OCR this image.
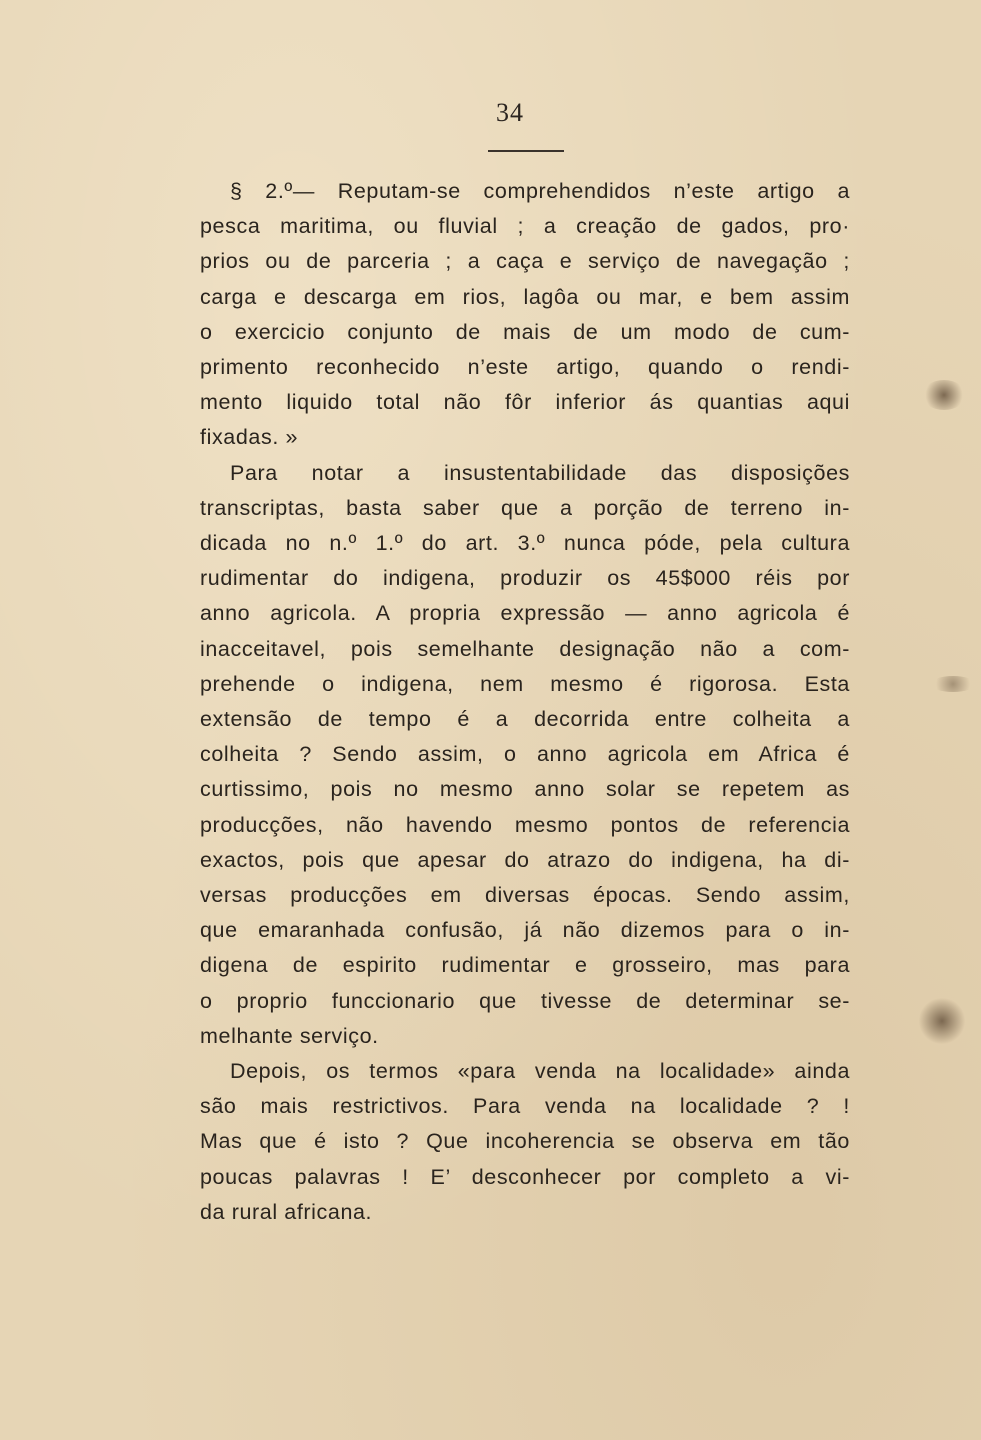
34
§ 2.º— Reputam-se comprehendidos n’este artigo a
pesca maritima, ou fluvial ; a creação de gados, pro·
prios ou de parceria ; a caça e serviço de navegação ;
carga e descarga em rios, lagôa ou mar, e bem assim
o exercicio conjunto de mais de um modo de cum-
primento reconhecido n’este artigo, quando o rendi-
mento liquido total não fôr inferior ás quantias aqui
fixadas. »
Para notar a insustentabilidade das disposições
transcriptas, basta saber que a porção de terreno in-
dicada no n.º 1.º do art. 3.º nunca póde, pela cultura
rudimentar do indigena, produzir os 45$000 réis por
anno agricola. A propria expressão — anno agricola é
inacceitavel, pois semelhante designação não a com-
prehende o indigena, nem mesmo é rigorosa. Esta
extensão de tempo é a decorrida entre colheita a
colheita ? Sendo assim, o anno agricola em Africa é
curtissimo, pois no mesmo anno solar se repetem as
producções, não havendo mesmo pontos de referencia
exactos, pois que apesar do atrazo do indigena, ha di-
versas producções em diversas épocas. Sendo assim,
que emaranhada confusão, já não dizemos para o in-
digena de espirito rudimentar e grosseiro, mas para
o proprio funccionario que tivesse de determinar se-
melhante serviço.
Depois, os termos «para venda na localidade» ainda
são mais restrictivos. Para venda na localidade ? !
Mas que é isto ? Que incoherencia se observa em tão
poucas palavras ! E’ desconhecer por completo a vi-
da rural africana.
